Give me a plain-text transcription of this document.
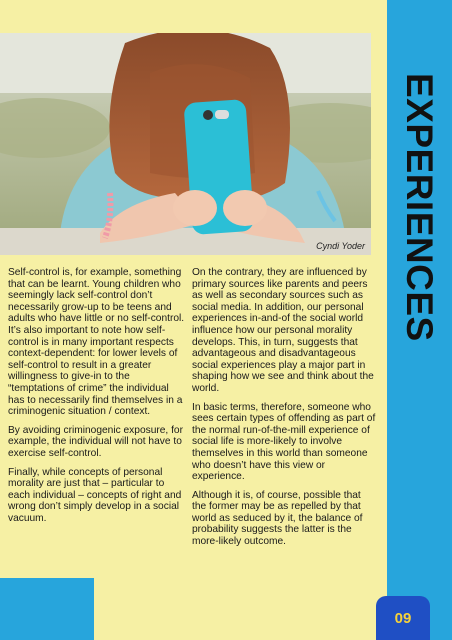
Cyndi Yoder

Self-control is, for example, something that can be learnt. Young children who seemingly lack self-control don’t necessarily grow-up to be teens and adults who have little or no self-control. It’s also important to note how self-control is in many important respects context-dependent: for lower levels of self-control to result in a greater willingness to give-in to the “temptations of crime” the individual has to necessarily find themselves in a criminogenic situation / context.

By avoiding criminogenic exposure, for example, the individual will not have to exercise self-control.

Finally, while concepts of personal morality are just that – particular to each individual – concepts of right and wrong don’t simply develop in a social vacuum.

On the contrary, they are influenced by primary sources like parents and peers as well as secondary sources such as social media. In addition, our personal experiences in-and-of the social world influence how our personal morality develops. This, in turn, suggests that advantageous and disadvantageous social experiences play a major part in shaping how we see and think about the world.

In basic terms, therefore, someone who sees certain types of offending as part of the normal run-of-the-mill experience of social life is more-likely to involve themselves in this world than someone who doesn’t have this view or experience.

Although it is, of course, possible that the former may be as repelled by that world as seduced by it, the balance of probability suggests the latter is the more-likely outcome.

EXPERIENCES
09
